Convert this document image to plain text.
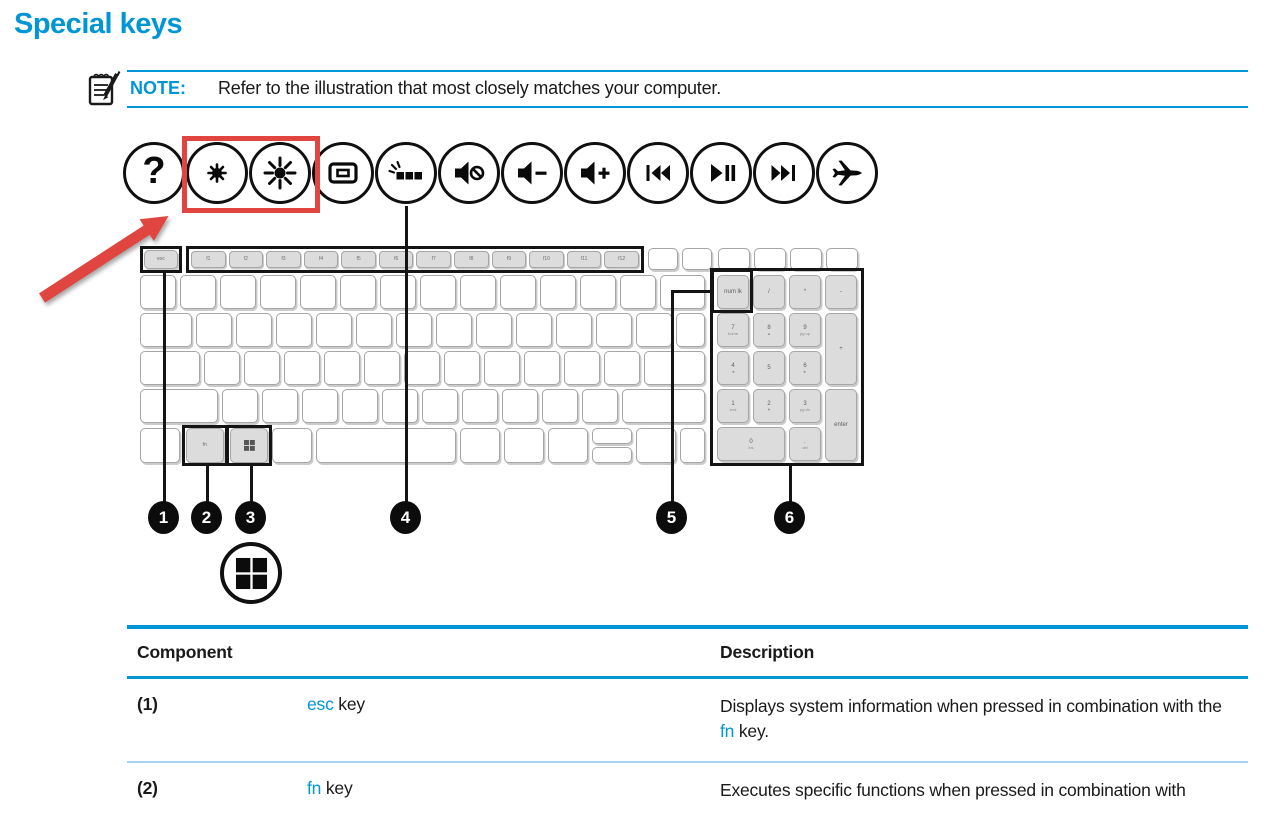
Special keys
NOTE: Refer to the illustration that most closely matches your computer.
?
esc	f1	f2	f3	f4	f5	f6	f7	f8	f9	f10	f11	f12
fn
num lk	/	*	-
7
home
8
▲
9
pg up
+
4
◄	5	6
►
1
end
2
▼
3
pg dn
enter
0
ins
.
del
1	2	3	4	5	6
Component	Description
(1)	esc key	Displays system information when pressed in combination with the fn key.
(2)	fn key	Executes specific functions when pressed in combination with
